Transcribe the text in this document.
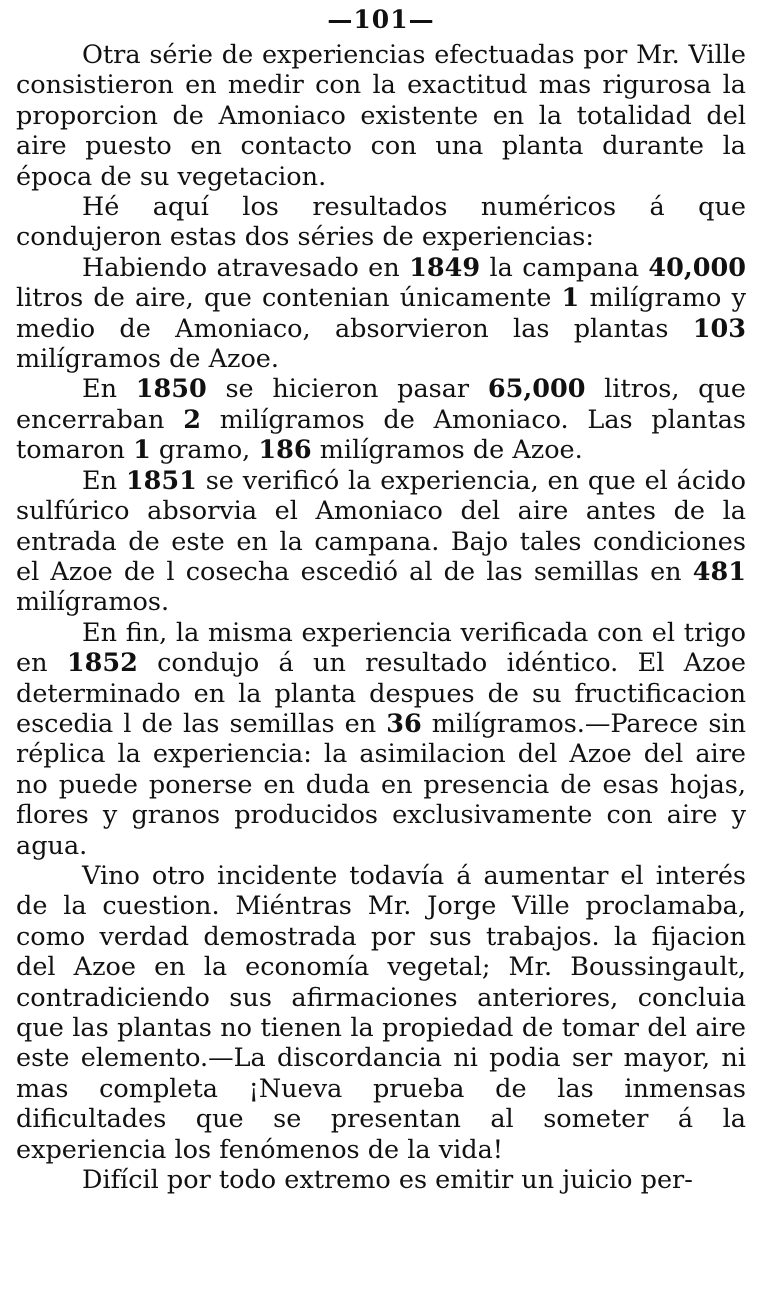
—101—

Otra série de experiencias efectuadas por Mr. Ville consistieron en medir con la exactitud mas rigurosa la proporcion de Amoniaco existente en la totalidad del aire puesto en contacto con una planta durante la época de su vegetacion.

Hé aquí los resultados numéricos á que condujeron estas dos séries de experiencias:

Habiendo atravesado en 1849 la campana 40,000 litros de aire, que contenian únicamente 1 milígramo y medio de Amoniaco, absorvieron las plantas 103 milígramos de Azoe.

En 1850 se hicieron pasar 65,000 litros, que encerraban 2 milígramos de Amoniaco. Las plantas tomaron 1 gramo, 186 milígramos de Azoe.

En 1851 se verificó la experiencia, en que el ácido sulfúrico absorvia el Amoniaco del aire antes de la entrada de este en la campana. Bajo tales condiciones el Azoe de l cosecha escedió al de las semillas en 481 milígramos.

En fin, la misma experiencia verificada con el trigo en 1852 condujo á un resultado idéntico. El Azoe determinado en la planta despues de su fructificacion escedia l de las semillas en 36 milígramos.—Parece sin réplica la experiencia: la asimilacion del Azoe del aire no puede ponerse en duda en presencia de esas hojas, flores y granos producidos exclusivamente con aire y agua.

Vino otro incidente todavía á aumentar el interés de la cuestion. Miéntras Mr. Jorge Ville proclamaba, como verdad demostrada por sus trabajos. la fijacion del Azoe en la economía vegetal; Mr. Boussingault, contradiciendo sus afirmaciones anteriores, concluia que las plantas no tienen la propiedad de tomar del aire este elemento.—La discordancia ni podia ser mayor, ni mas completa ¡Nueva prueba de las inmensas dificultades que se presentan al someter á la experiencia los fenómenos de la vida!

Difícil por todo extremo es emitir un juicio per-
